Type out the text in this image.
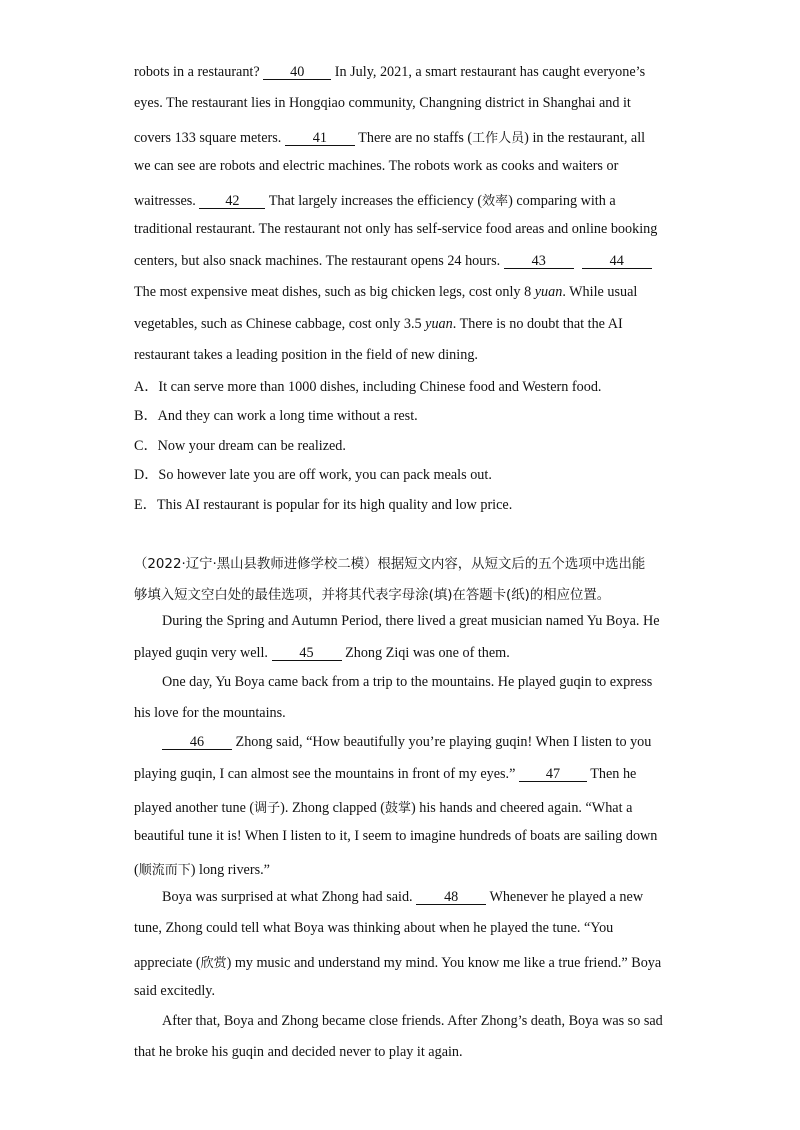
robots in a restaurant? 40 In July, 2021, a smart restaurant has caught everyone’s
eyes. The restaurant lies in Hongqiao community, Changning district in Shanghai and it
covers 133 square meters. 41 There are no staffs (工作人员) in the restaurant, all
we can see are robots and electric machines. The robots work as cooks and waiters or
waitresses. 42 That largely increases the efficiency (效率) comparing with a
traditional restaurant. The restaurant not only has self-service food areas and online booking
centers, but also snack machines. The restaurant opens 24 hours. 43	44
The most expensive meat dishes, such as big chicken legs, cost only 8 yuan. While usual
vegetables, such as Chinese cabbage, cost only 3.5 yuan. There is no doubt that the AI
restaurant takes a leading position in the field of new dining.
A．It can serve more than 1000 dishes, including Chinese food and Western food.
B．And they can work a long time without a rest.
C．Now your dream can be realized.
D．So however late you are off work, you can pack meals out.
E．This AI restaurant is popular for its high quality and low price.
（2022·辽宁·黑山县教师进修学校二模）根据短文内容，从短文后的五个选项中选出能
够填入短文空白处的最佳选项，并将其代表字母涂(填)在答题卡(纸)的相应位置。
During the Spring and Autumn Period, there lived a great musician named Yu Boya. He
played guqin very well. 45 Zhong Ziqi was one of them.
One day, Yu Boya came back from a trip to the mountains. He played guqin to express
his love for the mountains.
46 Zhong said, “How beautifully you’re playing guqin! When I listen to you
playing guqin, I can almost see the mountains in front of my eyes.” 47 Then he
played another tune (调子). Zhong clapped (鼓掌) his hands and cheered again. “What a
beautiful tune it is! When I listen to it, I seem to imagine hundreds of boats are sailing down
(顺流而下) long rivers.”
Boya was surprised at what Zhong had said. 48 Whenever he played a new
tune, Zhong could tell what Boya was thinking about when he played the tune. “You
appreciate (欣赏) my music and understand my mind. You know me like a true friend.” Boya
said excitedly.
After that, Boya and Zhong became close friends. After Zhong’s death, Boya was so sad
that he broke his guqin and decided never to play it again.
